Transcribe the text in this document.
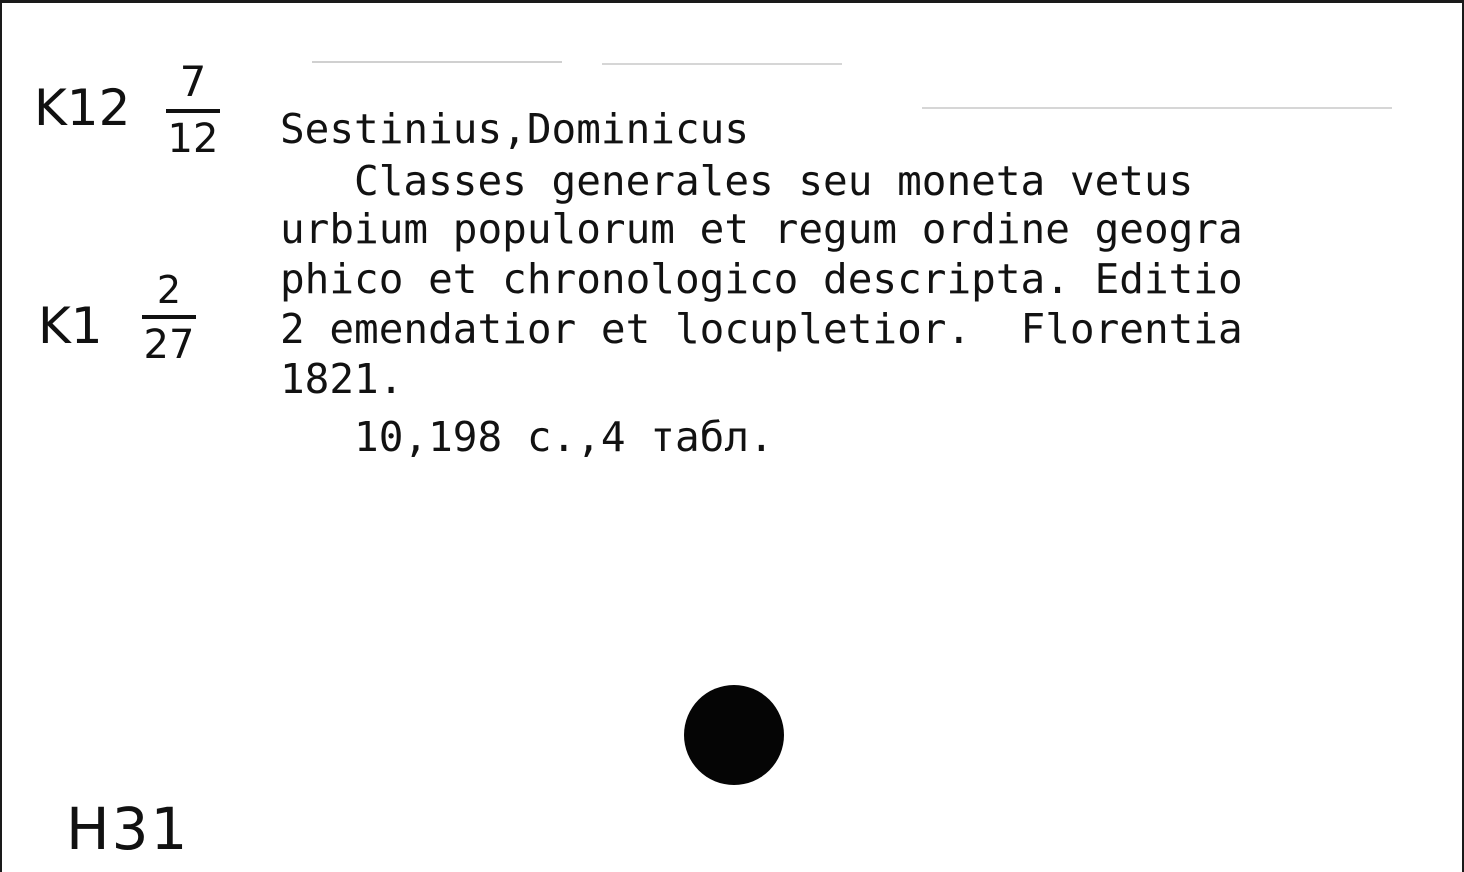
K12	7
12
K1
2
27
Sestinius,Dominicus
Classes generales seu moneta vetus
urbium populorum et regum ordine geogra
phico et chronologico descripta. Editio
2 emendatior et locupletior.  Florentia
1821.
10,198 c.,4 табл.
H31
